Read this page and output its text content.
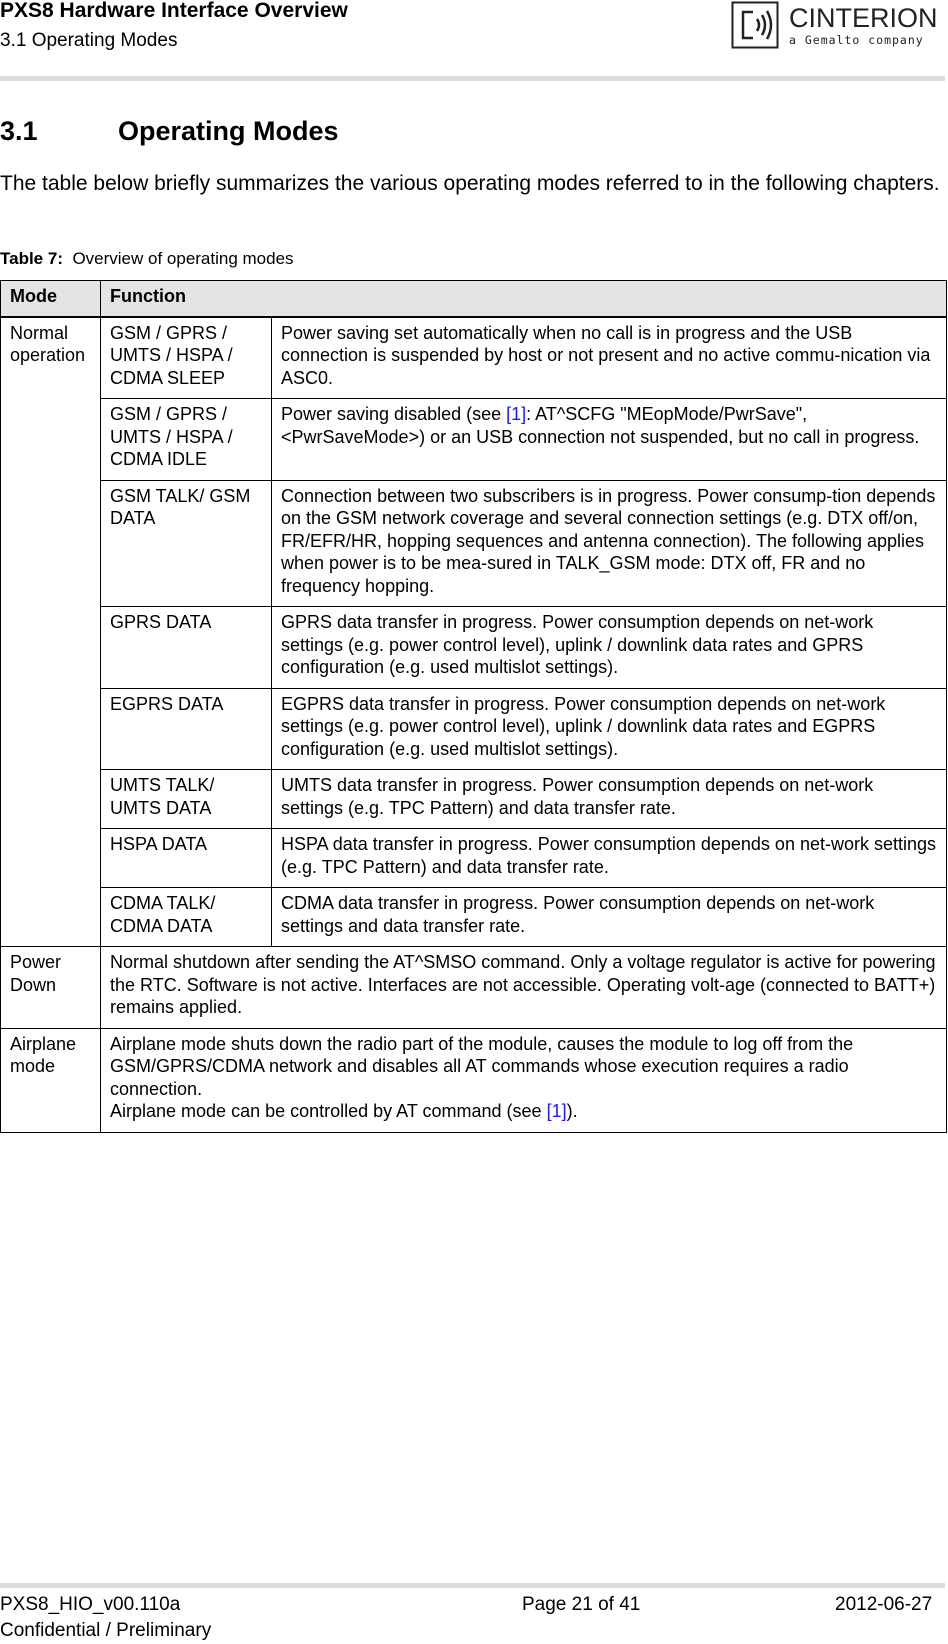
PXS8 Hardware Interface Overview
3.1 Operating Modes
CINTERION
a Gemalto company
3.1	Operating Modes
The table below briefly summarizes the various operating modes referred to in the following chapters.
Table 7: Overview of operating modes
Mode	Function	
Normal operation	GSM / GPRS / UMTS / HSPA / CDMA SLEEP	Power saving set automatically when no call is in progress and the USB connection is suspended by host or not present and no active commu-nication via ASC0.
	GSM / GPRS / UMTS / HSPA / CDMA IDLE	Power saving disabled (see [1]: AT^SCFG "MEopMode/PwrSave",<PwrSaveMode>) or an USB connection not suspended, but no call in progress.
	GSM TALK/ GSM DATA	Connection between two subscribers is in progress. Power consump-tion depends on the GSM network coverage and several connection settings (e.g. DTX off/on, FR/EFR/HR, hopping sequences and antenna connection). The following applies when power is to be mea-sured in TALK_GSM mode: DTX off, FR and no frequency hopping.
	GPRS DATA	GPRS data transfer in progress. Power consumption depends on net-work settings (e.g. power control level), uplink / downlink data rates and GPRS configuration (e.g. used multislot settings).
	EGPRS DATA	EGPRS data transfer in progress. Power consumption depends on net-work settings (e.g. power control level), uplink / downlink data rates and EGPRS configuration (e.g. used multislot settings).
	UMTS TALK/ UMTS DATA	UMTS data transfer in progress. Power consumption depends on net-work settings (e.g. TPC Pattern) and data transfer rate.
	HSPA DATA	HSPA data transfer in progress. Power consumption depends on net-work settings (e.g. TPC Pattern) and data transfer rate.
	CDMA TALK/ CDMA DATA	CDMA data transfer in progress. Power consumption depends on net-work settings and data transfer rate.
Power Down	Normal shutdown after sending the AT^SMSO command. Only a voltage regulator is active for powering the RTC. Software is not active. Interfaces are not accessible. Operating volt-age (connected to BATT+) remains applied.	
Airplane mode	Airplane mode shuts down the radio part of the module, causes the module to log off from the GSM/GPRS/CDMA network and disables all AT commands whose execution requires a radio connection.
Airplane mode can be controlled by AT command (see [1]).	
PXS8_HIO_v00.110a
Confidential / Preliminary
Page 21 of 41	2012-06-27
